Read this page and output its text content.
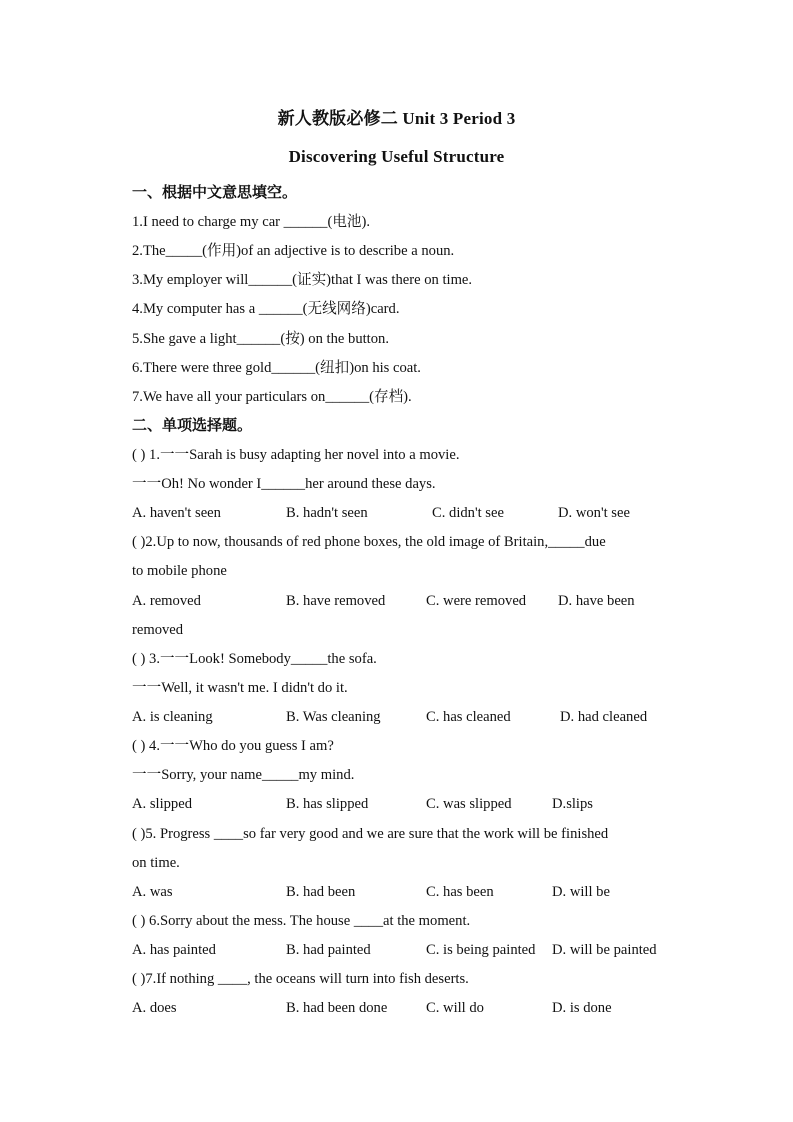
新人教版必修二 Unit 3 Period 3
Discovering Useful Structure
一、根据中文意思填空。
1.I need to charge my car ______(电池).
2.The_____(作用)of an adjective is to describe a noun.
3.My employer will______(证实)that I was there on time.
4.My computer has a ______(无线网络)card.
5.She gave a light______(按) on the button.
6.There were three gold______(纽扣)on his coat.
7.We have all your particulars on______(存档).
二、单项选择题。
( ) 1.一一Sarah is busy adapting her novel into a movie.
一一Oh! No wonder I______her around these days.
A. haven't seen	B. hadn't seen	C. didn't see	D. won't see
( )2.Up to now, thousands of red phone boxes, the old image of Britain,_____due
to mobile phone
A. removed	B. have removed	C. were removed D. have been
removed
( ) 3.一一Look! Somebody_____the sofa.
一一Well, it wasn't me. I didn't do it.
A. is cleaning	B. Was cleaning	C. has cleaned	D. had cleaned
( ) 4.一一Who do you guess I am?
一一Sorry, your name_____my mind.
A. slipped	B. has slipped	C. was slipped	D.slips
( )5. Progress ____so far very good and we are sure that the work will be finished
on time.
A. was	B. had been	C. has been	D. will be
( ) 6.Sorry about the mess. The house ____at the moment.
A. has painted	B. had painted	C. is being painted D. will be painted
( )7.If nothing ____, the oceans will turn into fish deserts.
A. does	B. had been done	C. will do	D. is done
